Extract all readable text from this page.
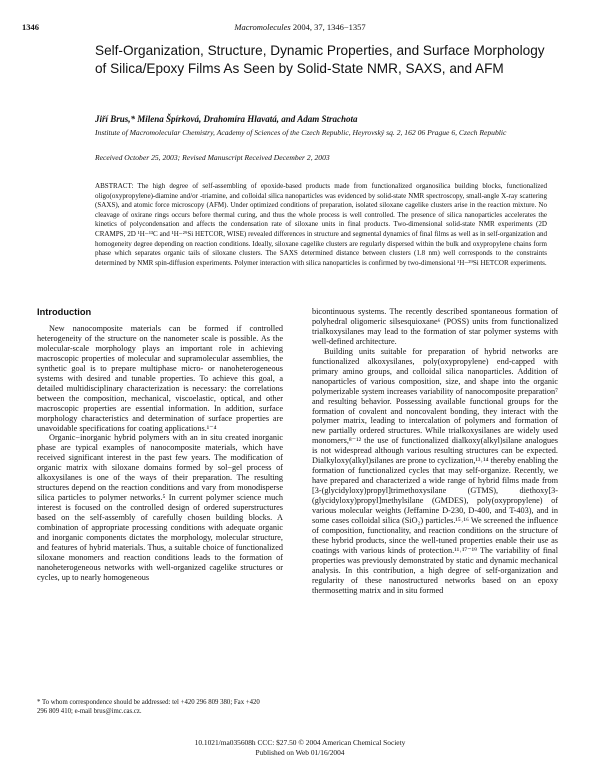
1346	Macromolecules 2004, 37, 1346−1357
Self-Organization, Structure, Dynamic Properties, and Surface Morphology of Silica/Epoxy Films As Seen by Solid-State NMR, SAXS, and AFM
Jiří Brus,* Milena Špírková, Drahomíra Hlavatá, and Adam Strachota
Institute of Macromolecular Chemistry, Academy of Sciences of the Czech Republic, Heyrovský sq. 2, 162 06 Prague 6, Czech Republic
Received October 25, 2003; Revised Manuscript Received December 2, 2003

ABSTRACT: The high degree of self-assembling of epoxide-based products made from functionalized organosilica building blocks, functionalized oligo(oxypropylene)-diamine and/or -triamine, and colloidal silica nanoparticles was evidenced by solid-state NMR spectroscopy, small-angle X-ray scattering (SAXS), and atomic force microscopy (AFM). Under optimized conditions of preparation, isolated siloxane cagelike clusters arise in the reaction mixture. No cleavage of oxirane rings occurs before thermal curing, and thus the whole process is well controlled. The presence of silica nanoparticles accelerates the kinetics of polycondensation and affects the condensation rate of siloxane units in final products. Two-dimensional solid-state NMR experiments (2D CRAMPS, 2D ¹H−¹³C and ¹H−²⁹Si HETCOR, WISE) revealed differences in structure and segmental dynamics of final films as well as in self-organization and homogeneity degree depending on reaction conditions. Ideally, siloxane cagelike clusters are regularly dispersed within the bulk and oxypropylene chains form phase which separates organic tails of siloxane clusters. The SAXS determined distance between clusters (1.8 nm) well corresponds to the constraints determined by NMR spin-diffusion experiments. Polymer interaction with silica nanoparticles is confirmed by two-dimensional ¹H−²⁹Si HETCOR experiments.

Introduction

New nanocomposite materials can be formed if controlled heterogeneity of the structure on the nanometer scale is possible. As the molecular-scale morphology plays an important role in achieving macroscopic properties of molecular and supramolecular assemblies, the synthetic goal is to prepare multiphase micro- or nanoheterogeneous systems with desired and tunable properties. To achieve this goal, a detailed multidisciplinary characterization is necessary: the correlations between the composition, mechanical, viscoelastic, optical, and other macroscopic properties are essential information. In addition, surface morphology characteristics and determination of surface properties are unavoidable specifications for coating applications.¹⁻⁴

Organic−inorganic hybrid polymers with an in situ created inorganic phase are typical examples of nanocomposite materials, which have received significant interest in the past few years. The modification of organic matrix with siloxane domains formed by sol−gel process of alkoxysilanes is one of the ways of their preparation. The resulting structures depend on the reaction conditions and vary from monodisperse silica particles to polymer networks.⁵ In current polymer science much interest is focused on the controlled design of ordered superstructures based on the self-assembly of carefully chosen building blocks. A combination of appropriate processing conditions with adequate organic and inorganic components dictates the morphology, molecular structure, and features of hybrid materials. Thus, a suitable choice of functionalized siloxane monomers and reaction conditions leads to the formation of nanoheterogeneous networks with well-organized cagelike structures or cycles, up to nearly homogeneous

bicontinuous systems. The recently described spontaneous formation of polyhedral oligomeric silsesquioxane⁶ (POSS) units from functionalized trialkoxysilanes may lead to the formation of star polymer systems with well-defined architecture.

Building units suitable for preparation of hybrid networks are functionalized alkoxysilanes, poly(oxypropylene) end-capped with primary amino groups, and colloidal silica nanoparticles. Addition of nanoparticles of various composition, size, and shape into the organic polymerizable system increases variability of nanocomposite preparation⁷ and resulting behavior. Possessing available functional groups for the formation of covalent and noncovalent bonding, they interact with the polymer matrix, leading to intercalation of polymers and formation of new partially ordered structures. While trialkoxysilanes are widely used monomers,⁸⁻¹² the use of functionalized dialkoxy(alkyl)silane analogues is not widespread although various resulting structures can be expected. Dialkyloxy(alkyl)silanes are prone to cyclization,¹³˒¹⁴ thereby enabling the formation of functionalized cycles that may self-organize. Recently, we have prepared and characterized a wide range of hybrid films made from [3-(glycidyloxy)propyl]trimethoxysilane (GTMS), diethoxy[3-(glycidyloxy)propyl]methylsilane (GMDES), poly(oxypropylene) of various molecular weights (Jeffamine D-230, D-400, and T-403), and in some cases colloidal silica (SiO₂) particles.¹⁵˒¹⁶ We screened the influence of composition, functionality, and reaction conditions on the structure of these hybrid products, since the well-tuned properties enable their use as coatings with various kinds of protection.¹¹˒¹⁷⁻¹⁹ The variability of final properties was previously demonstrated by static and dynamic mechanical analysis. In this contribution, a high degree of self-organization and regularity of these nanostructured networks based on an epoxy thermosetting matrix and in situ formed

* To whom correspondence should be addressed: tel +420 296 809 380; Fax +420 296 809 410; e-mail brus@imc.cas.cz.

10.1021/ma035608h CCC: $27.50 © 2004 American Chemical Society
Published on Web 01/16/2004
